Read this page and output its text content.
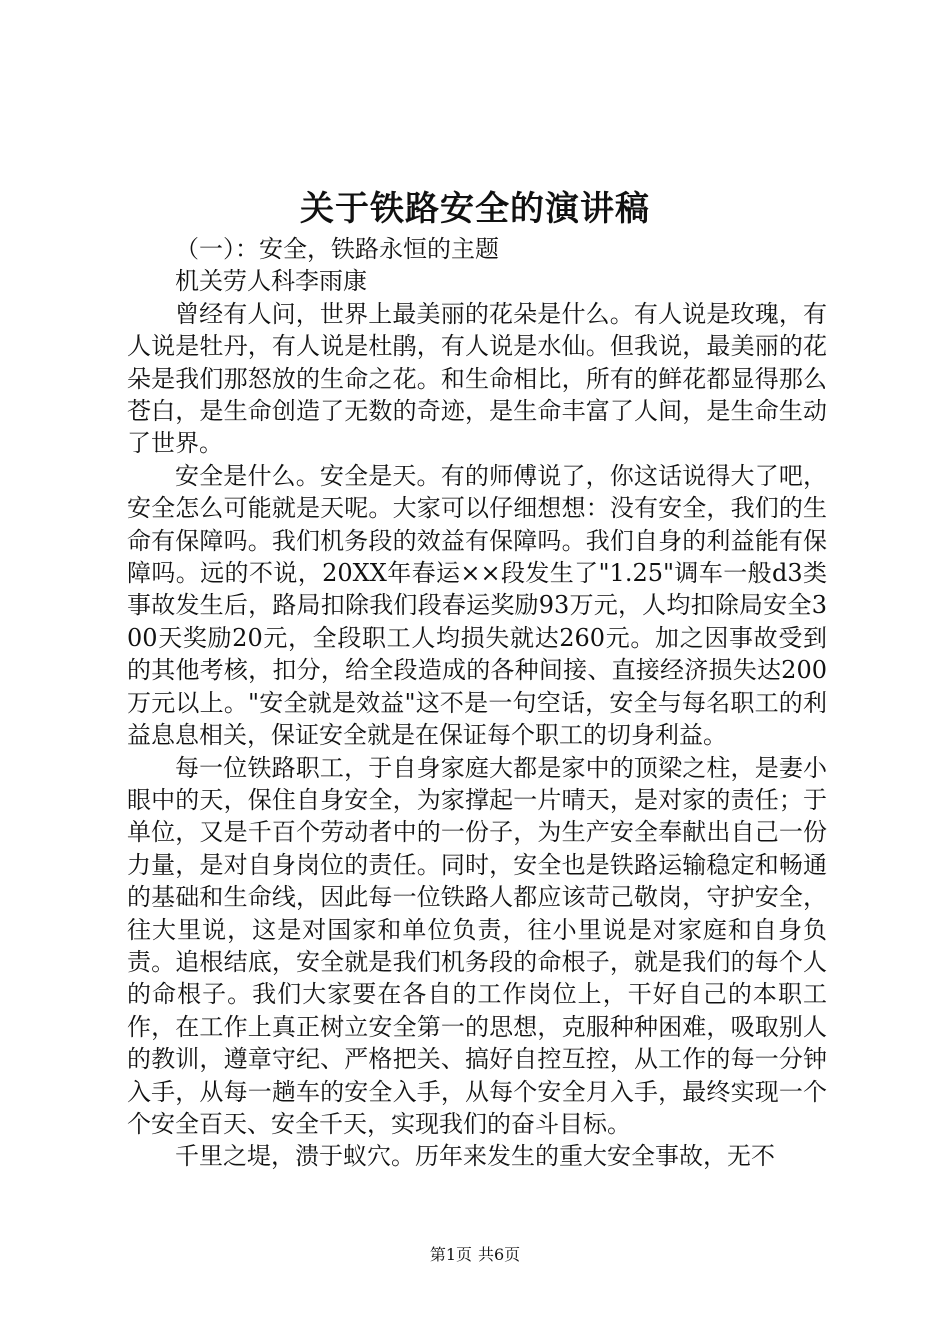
关于铁路安全的演讲稿

（一）：安全，铁路永恒的主题

机关劳人科李雨康

曾经有人问，世界上最美丽的花朵是什么。有人说是玫瑰，有人说是牡丹，有人说是杜鹃，有人说是水仙。但我说，最美丽的花朵是我们那怒放的生命之花。和生命相比，所有的鲜花都显得那么苍白，是生命创造了无数的奇迹，是生命丰富了人间，是生命生动了世界。

安全是什么。安全是天。有的师傅说了，你这话说得大了吧，安全怎么可能就是天呢。大家可以仔细想想：没有安全，我们的生命有保障吗。我们机务段的效益有保障吗。我们自身的利益能有保障吗。远的不说，20XX年春运××段发生了"1.25"调车一般d3类事故发生后，路局扣除我们段春运奖励93万元，人均扣除局安全300天奖励20元，全段职工人均损失就达260元。加之因事故受到的其他考核，扣分，给全段造成的各种间接、直接经济损失达200万元以上。"安全就是效益"这不是一句空话，安全与每名职工的利益息息相关，保证安全就是在保证每个职工的切身利益。

每一位铁路职工，于自身家庭大都是家中的顶梁之柱，是妻小眼中的天，保住自身安全，为家撑起一片晴天，是对家的责任；于单位，又是千百个劳动者中的一份子，为生产安全奉献出自己一份力量，是对自身岗位的责任。同时，安全也是铁路运输稳定和畅通的基础和生命线，因此每一位铁路人都应该苛己敬岗，守护安全，往大里说，这是对国家和单位负责，往小里说是对家庭和自身负责。追根结底，安全就是我们机务段的命根子，就是我们的每个人的命根子。我们大家要在各自的工作岗位上，干好自己的本职工作，在工作上真正树立安全第一的思想，克服种种困难，吸取别人的教训，遵章守纪、严格把关、搞好自控互控，从工作的每一分钟入手，从每一趟车的安全入手，从每个安全月入手，最终实现一个个安全百天、安全千天，实现我们的奋斗目标。

千里之堤，溃于蚁穴。历年来发生的重大安全事故，无不

第1页 共6页
